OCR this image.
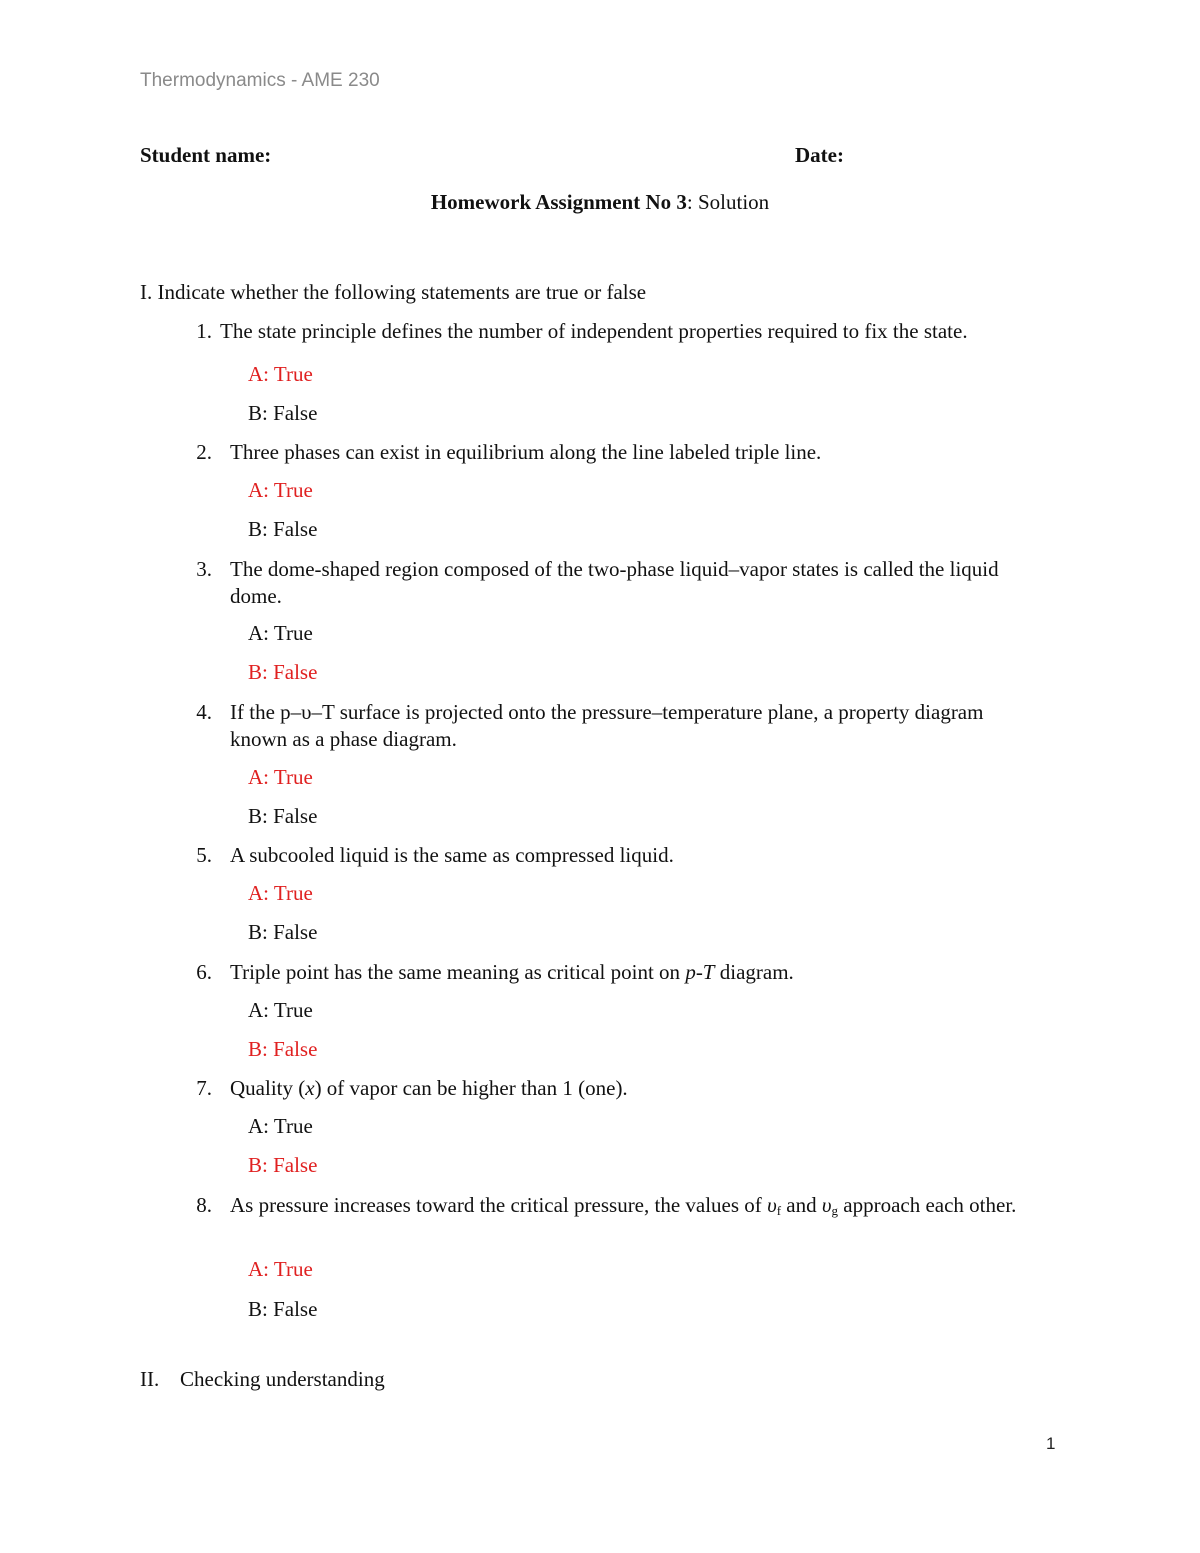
Thermodynamics - AME 230
Student name:	Date:
Homework Assignment No 3: Solution
I. Indicate whether the following statements are true or false
1. The state principle defines the number of independent properties required to fix the state.
A: True
B: False
2. Three phases can exist in equilibrium along the line labeled triple line.
A: True
B: False
3. The dome-shaped region composed of the two-phase liquid–vapor states is called the liquid dome.
A: True
B: False
4. If the p–υ–T surface is projected onto the pressure–temperature plane, a property diagram known as a phase diagram.
A: True
B: False
5. A subcooled liquid is the same as compressed liquid.
A: True
B: False
6. Triple point has the same meaning as critical point on p-T diagram.
A: True
B: False
7. Quality (x) of vapor can be higher than 1 (one).
A: True
B: False
8. As pressure increases toward the critical pressure, the values of $\upsilon_f$ and $\upsilon_g$ approach each other.
A: True
B: False
II. Checking understanding
1
